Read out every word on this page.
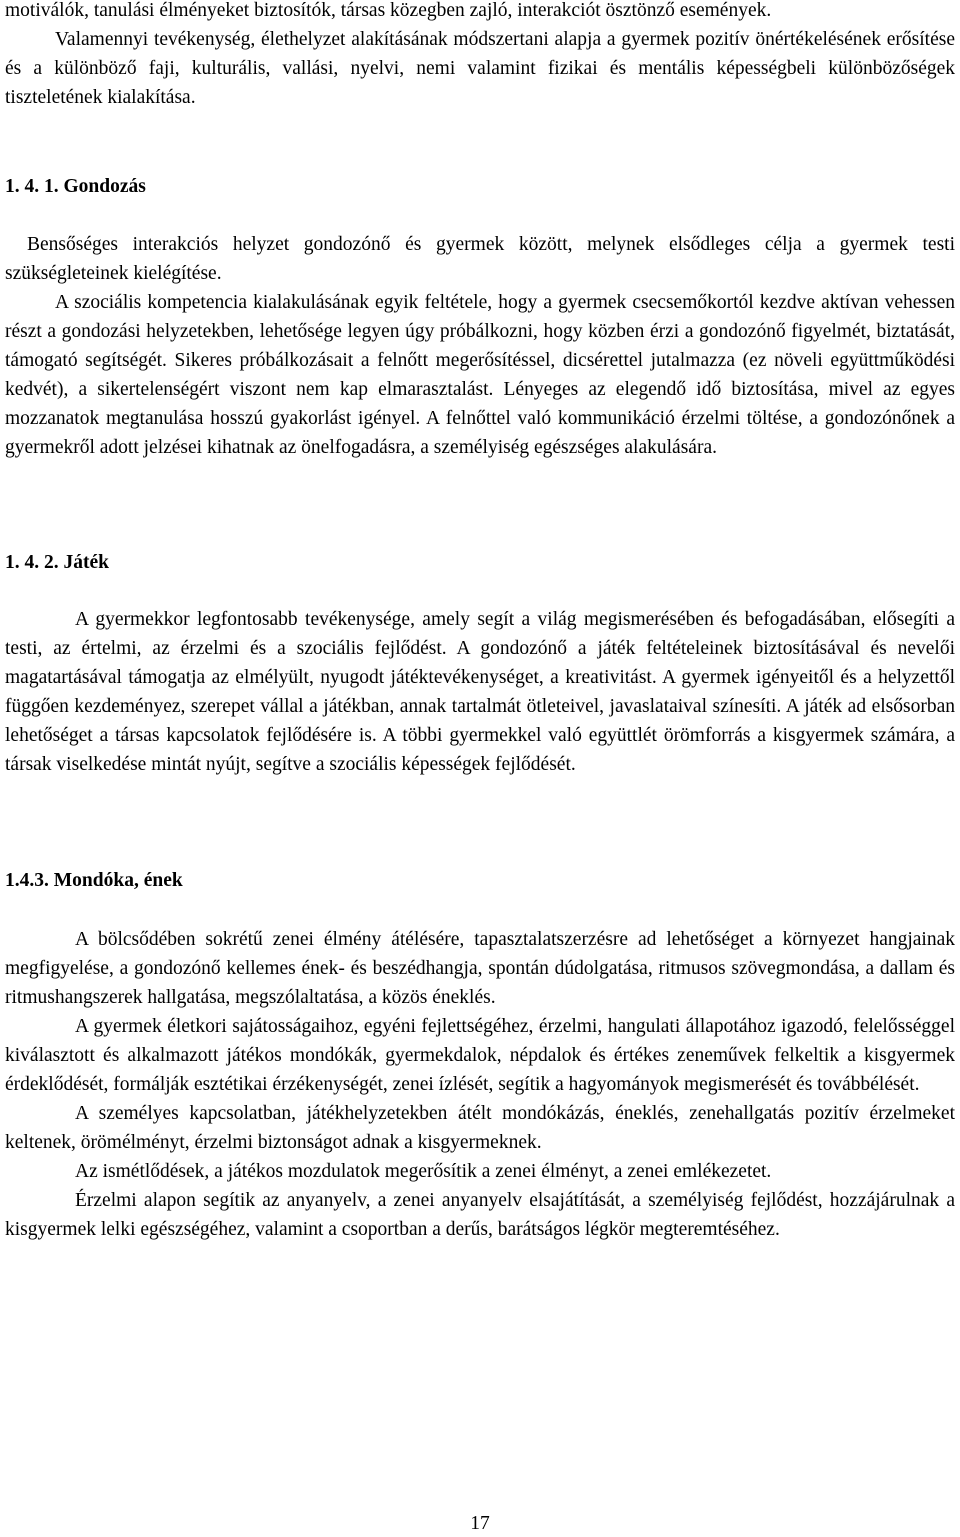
motiválók, tanulási élményeket biztosítók, társas közegben zajló, interakciót ösztönző események.

Valamennyi tevékenység, élethelyzet alakításának módszertani alapja a gyermek pozitív önértékelésének erősítése és a különböző faji, kulturális, vallási, nyelvi, nemi valamint fizikai és mentális képességbeli különbözőségek tiszteletének kialakítása.

1. 4. 1. Gondozás

Bensőséges interakciós helyzet gondozónő és gyermek között, melynek elsődleges célja a gyermek testi szükségleteinek kielégítése.

A szociális kompetencia kialakulásának egyik feltétele, hogy a gyermek csecsemőkortól kezdve aktívan vehessen részt a gondozási helyzetekben, lehetősége legyen úgy próbálkozni, hogy közben érzi a gondozónő figyelmét, biztatását, támogató segítségét. Sikeres próbálkozásait a felnőtt megerősítéssel, dicsérettel jutalmazza (ez növeli együttműködési kedvét), a sikertelenségért viszont nem kap elmarasztalást. Lényeges az elegendő idő biztosítása, mivel az egyes mozzanatok megtanulása hosszú gyakorlást igényel. A felnőttel való kommunikáció érzelmi töltése, a gondozónőnek a gyermekről adott jelzései kihatnak az önelfogadásra, a személyiség egészséges alakulására.

1. 4. 2. Játék

A gyermekkor legfontosabb tevékenysége, amely segít a világ megismerésében és befogadásában, elősegíti a testi, az értelmi, az érzelmi és a szociális fejlődést. A gondozónő a játék feltételeinek biztosításával és nevelői magatartásával támogatja az elmélyült, nyugodt játéktevékenységet, a kreativitást. A gyermek igényeitől és a helyzettől függően kezdeményez, szerepet vállal a játékban, annak tartalmát ötleteivel, javaslataival színesíti. A játék ad elsősorban lehetőséget a társas kapcsolatok fejlődésére is. A többi gyermekkel való együttlét örömforrás a kisgyermek számára, a társak viselkedése mintát nyújt, segítve a szociális képességek fejlődését.

1.4.3. Mondóka, ének

A bölcsődében sokrétű zenei élmény átélésére, tapasztalatszerzésre ad lehetőséget a környezet hangjainak megfigyelése, a gondozónő kellemes ének- és beszédhangja, spontán dúdolgatása, ritmusos szövegmondása, a dallam és ritmushangszerek hallgatása, megszólaltatása, a közös éneklés.

A gyermek életkori sajátosságaihoz, egyéni fejlettségéhez, érzelmi, hangulati állapotához igazodó, felelősséggel kiválasztott és alkalmazott játékos mondókák, gyermekdalok, népdalok és értékes zeneművek felkeltik a kisgyermek érdeklődését, formálják esztétikai érzékenységét, zenei ízlését, segítik a hagyományok megismerését és továbbélését.

A személyes kapcsolatban, játékhelyzetekben átélt mondókázás, éneklés, zenehallgatás pozitív érzelmeket keltenek, örömélményt, érzelmi biztonságot adnak a kisgyermeknek.

Az ismétlődések, a játékos mozdulatok megerősítik a zenei élményt, a zenei emlékezetet.

Érzelmi alapon segítik az anyanyelv, a zenei anyanyelv elsajátítását, a személyiség fejlődést, hozzájárulnak a kisgyermek lelki egészségéhez, valamint a csoportban a derűs, barátságos légkör megteremtéséhez.

17
